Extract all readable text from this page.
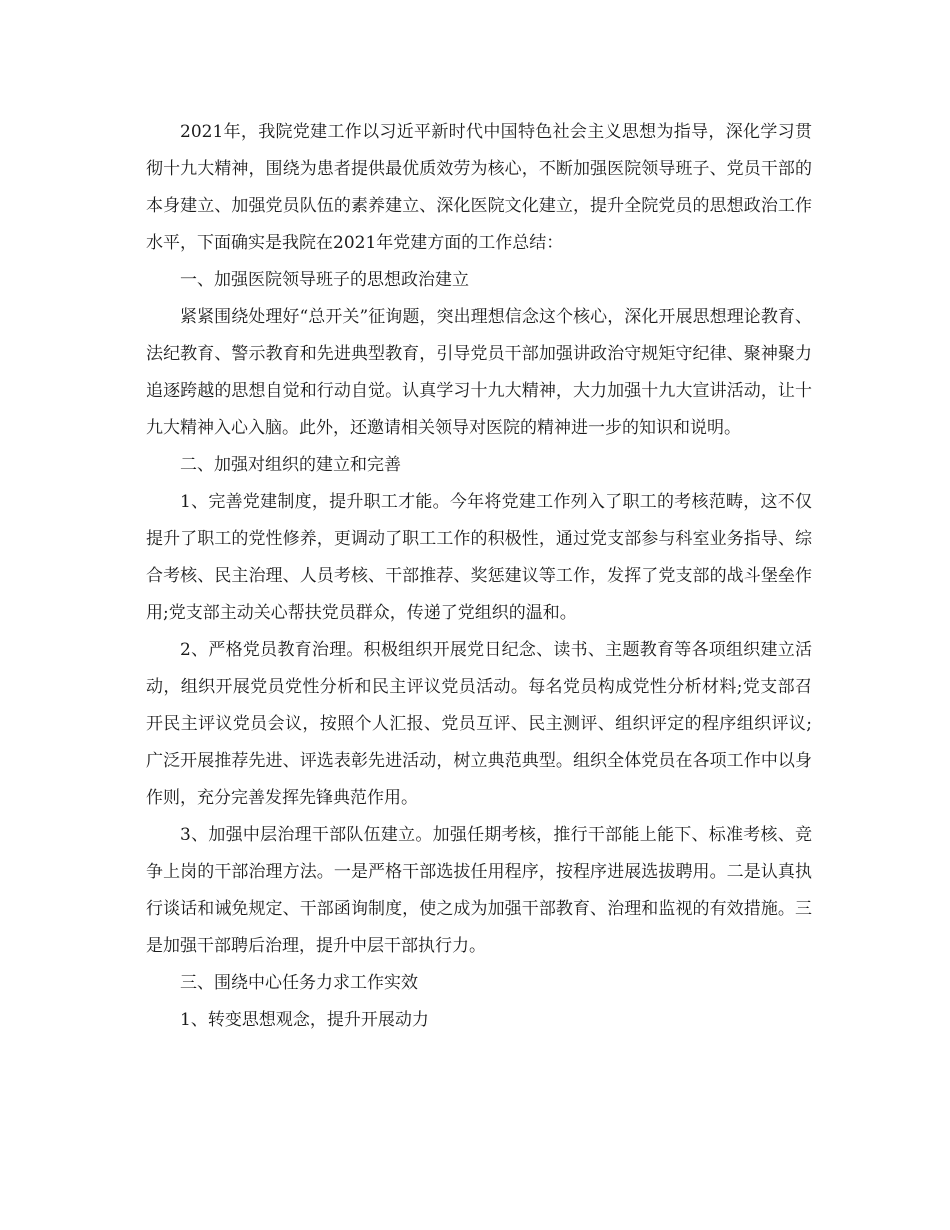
2021年，我院党建工作以习近平新时代中国特色社会主义思想为指导，深化学习贯彻十九大精神，围绕为患者提供最优质效劳为核心，不断加强医院领导班子、党员干部的本身建立、加强党员队伍的素养建立、深化医院文化建立，提升全院党员的思想政治工作水平，下面确实是我院在2021年党建方面的工作总结：

一、加强医院领导班子的思想政治建立

紧紧围绕处理好“总开关”征询题，突出理想信念这个核心，深化开展思想理论教育、法纪教育、警示教育和先进典型教育，引导党员干部加强讲政治守规矩守纪律、聚神聚力追逐跨越的思想自觉和行动自觉。认真学习十九大精神，大力加强十九大宣讲活动，让十九大精神入心入脑。此外，还邀请相关领导对医院的精神进一步的知识和说明。

二、加强对组织的建立和完善

1、完善党建制度，提升职工才能。今年将党建工作列入了职工的考核范畴，这不仅提升了职工的党性修养，更调动了职工工作的积极性，通过党支部参与科室业务指导、综合考核、民主治理、人员考核、干部推荐、奖惩建议等工作，发挥了党支部的战斗堡垒作用;党支部主动关心帮扶党员群众，传递了党组织的温和。

2、严格党员教育治理。积极组织开展党日纪念、读书、主题教育等各项组织建立活动，组织开展党员党性分析和民主评议党员活动。每名党员构成党性分析材料;党支部召开民主评议党员会议，按照个人汇报、党员互评、民主测评、组织评定的程序组织评议;广泛开展推荐先进、评选表彰先进活动，树立典范典型。组织全体党员在各项工作中以身作则，充分完善发挥先锋典范作用。

3、加强中层治理干部队伍建立。加强任期考核，推行干部能上能下、标准考核、竞争上岗的干部治理方法。一是严格干部选拔任用程序，按程序进展选拔聘用。二是认真执行谈话和诫免规定、干部函询制度，使之成为加强干部教育、治理和监视的有效措施。三是加强干部聘后治理，提升中层干部执行力。

三、围绕中心任务力求工作实效

1、转变思想观念，提升开展动力
